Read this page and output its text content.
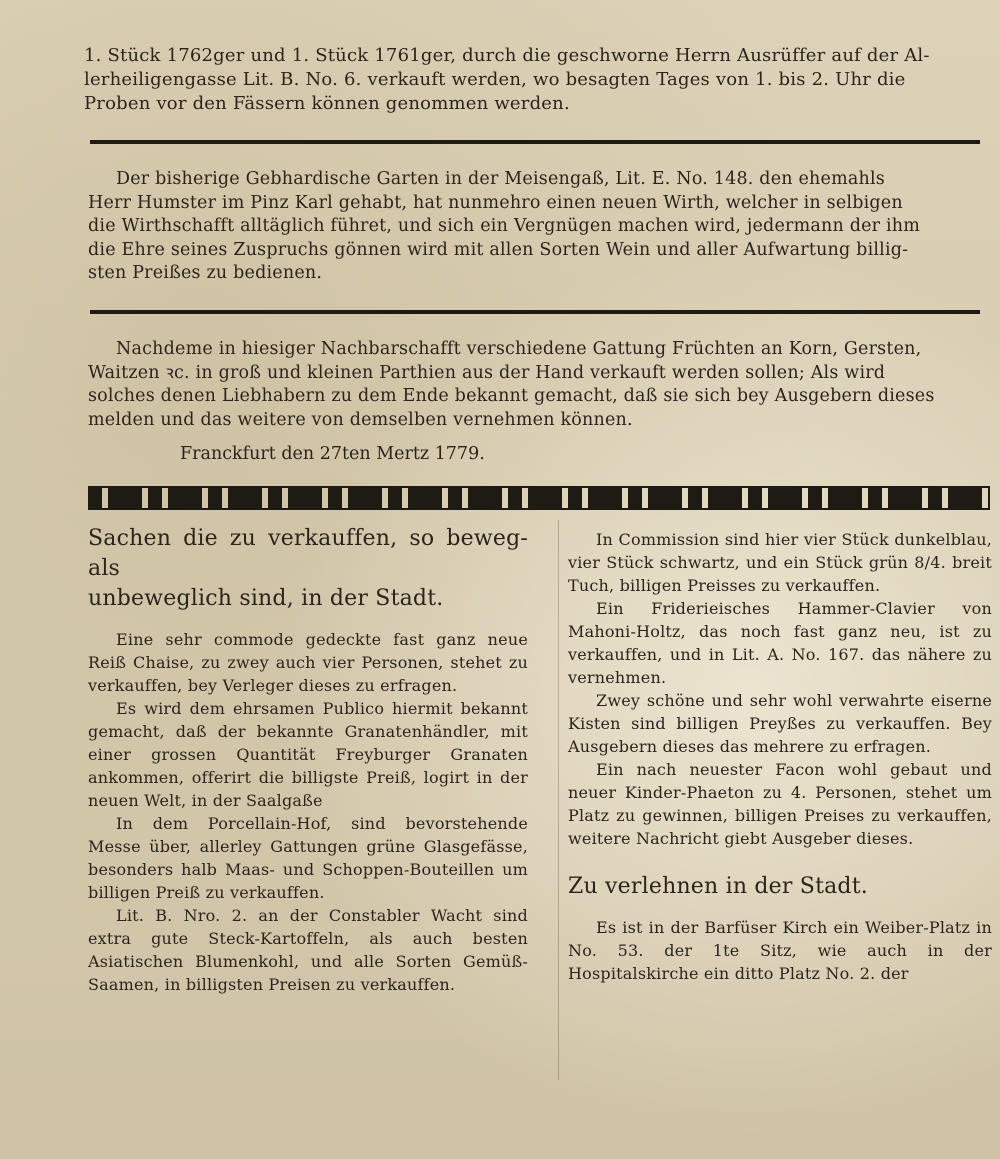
1. Stück 1762ger und 1. Stück 1761ger, durch die geschworne Herrn Ausrüffer auf der Al-

lerheiligengasse Lit. B. No. 6. verkauft werden, wo besagten Tages von 1. bis 2. Uhr die

Proben vor den Fässern können genommen werden.

Der bisherige Gebhardische Garten in der Meisengaß, Lit. E. No. 148. den ehemahls

Herr Humster im Pinz Karl gehabt, hat nunmehro einen neuen Wirth, welcher in selbigen

die Wirthschafft alltäglich führet, und sich ein Vergnügen machen wird, jedermann der ihm

die Ehre seines Zuspruchs gönnen wird mit allen Sorten Wein und aller Aufwartung billig-

sten Preißes zu bedienen.

Nachdeme in hiesiger Nachbarschafft verschiedene Gattung Früchten an Korn, Gersten,

Waitzen ꝛc. in groß und kleinen Parthien aus der Hand verkauft werden sollen; Als wird

solches denen Liebhabern zu dem Ende bekannt gemacht, daß sie sich bey Ausgebern dieses

melden und das weitere von demselben vernehmen können.

Franckfurt den 27ten Mertz 1779.

Sachen die zu verkauffen, so beweg- als

unbeweglich sind, in der Stadt.

Eine sehr commode gedeckte fast ganz neue Reiß Chaise, zu zwey auch vier Personen, stehet zu verkauffen, bey Verleger dieses zu erfragen.

Es wird dem ehrsamen Publico hiermit bekannt gemacht, daß der bekannte Granatenhändler, mit einer grossen Quantität Freyburger Granaten ankommen, offerirt die billigste Preiß, logirt in der neuen Welt, in der Saalgaße

In dem Porcellain-Hof, sind bevorstehende Messe über, allerley Gattungen grüne Glasgefässe, besonders halb Maas- und Schoppen-Bouteillen um billigen Preiß zu verkauffen.

Lit. B. Nro. 2. an der Constabler Wacht sind extra gute Steck-Kartoffeln, als auch besten Asiatischen Blumenkohl, und alle Sorten Gemüß-Saamen, in billigsten Preisen zu verkauffen.

In Commission sind hier vier Stück dunkelblau, vier Stück schwartz, und ein Stück grün 8/4. breit Tuch, billigen Preisses zu verkauffen.

Ein Friderieisches Hammer-Clavier von Mahoni-Holtz, das noch fast ganz neu, ist zu verkauffen, und in Lit. A. No. 167. das nähere zu vernehmen.

Zwey schöne und sehr wohl verwahrte eiserne Kisten sind billigen Preyßes zu verkauffen. Bey Ausgebern dieses das mehrere zu erfragen.

Ein nach neuester Facon wohl gebaut und neuer Kinder-Phaeton zu 4. Personen, stehet um Platz zu gewinnen, billigen Preises zu verkauffen, weitere Nachricht giebt Ausgeber dieses.

Zu verlehnen in der Stadt.

Es ist in der Barfüser Kirch ein Weiber-Platz in No. 53. der 1te Sitz, wie auch in der Hospitalskirche ein ditto Platz No. 2. der
